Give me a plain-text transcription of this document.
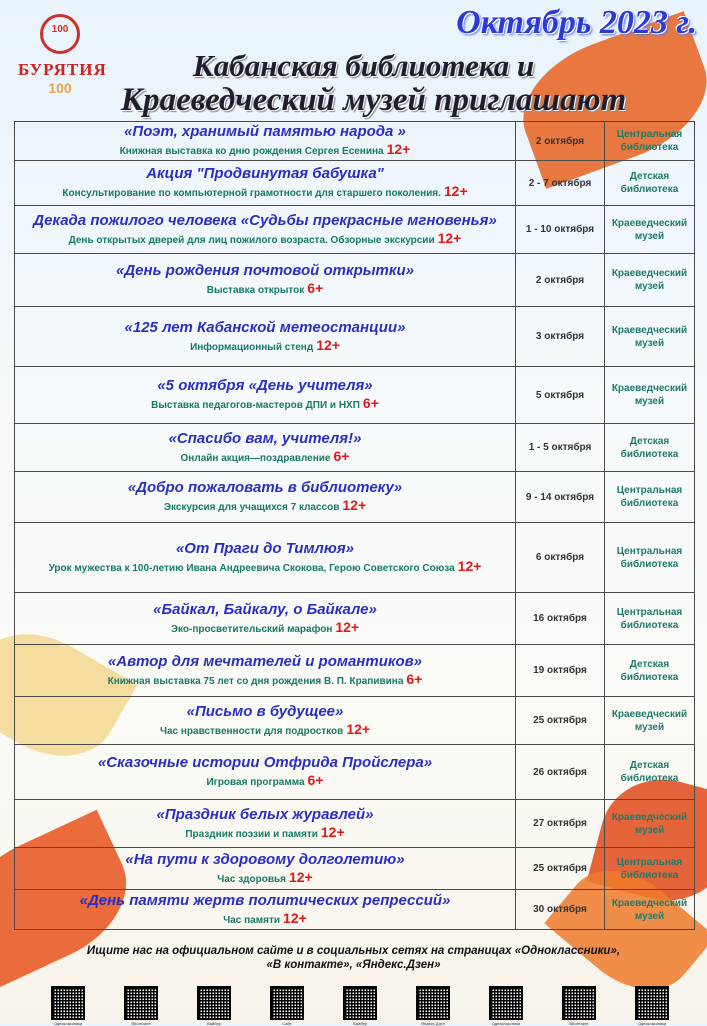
100
БУРЯТИЯ
100
Октябрь 2023 г.
Кабанская библиотека и
Краеведческий музей приглашают
«Поэт, хранимый памятью народа »
Книжная выставка ко дню рождения Сергея Есенина 12+	2 октября	Центральная библиотека

Акция "Продвинутая бабушка"
Консультирование по компьютерной грамотности для старшего поколения. 12+	2 - 7 октября	Детская библиотека

Декада пожилого человека «Судьбы прекрасные мгновенья»
День открытых дверей для лиц пожилого возраста. Обзорные экскурсии 12+	1 - 10 октября	Краеведческий музей

«День рождения почтовой открытки»
Выставка открыток 6+	2 октября	Краеведческий музей

«125 лет Кабанской метеостанции»
Информационный стенд 12+	3 октября	Краеведческий музей

«5 октября «День учителя»
Выставка педагогов-мастеров ДПИ и НХП 6+	5 октября	Краеведческий музей

«Спасибо вам, учителя!»
Онлайн акция—поздравление 6+	1 - 5 октября	Детская библиотека

«Добро пожаловать в библиотеку»
Экскурсия для учащихся 7 классов 12+	9 - 14 октября	Центральная библиотека

«От Праги до Тимлюя»
Урок мужества к 100-летию Ивана Андреевича Скокова, Герою Советского Союза 12+	6 октября	Центральная библиотека

«Байкал, Байкалу, о Байкале»
Эко-просветительский марафон 12+	16 октября	Центральная библиотека

«Автор для мечтателей и романтиков»
Книжная выставка 75 лет со дня рождения В. П. Крапивина 6+	19 октября	Детская библиотека

«Письмо в будущее»
Час нравственности для подростков 12+	25 октября	Краеведческий музей

«Сказочные истории Отфрида Пройслера»
Игровая программа 6+	26 октября	Детская библиотека

«Праздник белых журавлей»
Праздник поэзии и памяти 12+	27 октября	Краеведческий музей

«На пути к здоровому долголетию»
Час здоровья 12+	25 октября	Центральная библиотека

«День памяти жертв политических репрессий»
Час памяти 12+	30 октября	Краеведческий музей
Ищите нас на официальном сайте и в социальных сетях на страницах «Одноклассники»,
«В контакте», «Яндекс.Дзен»
Одноклассники	ВКонтакте	Вайбер	Сайт	Вайбер	Яндекс Дзен	Одноклассники	ВКонтакте	Одноклассники
